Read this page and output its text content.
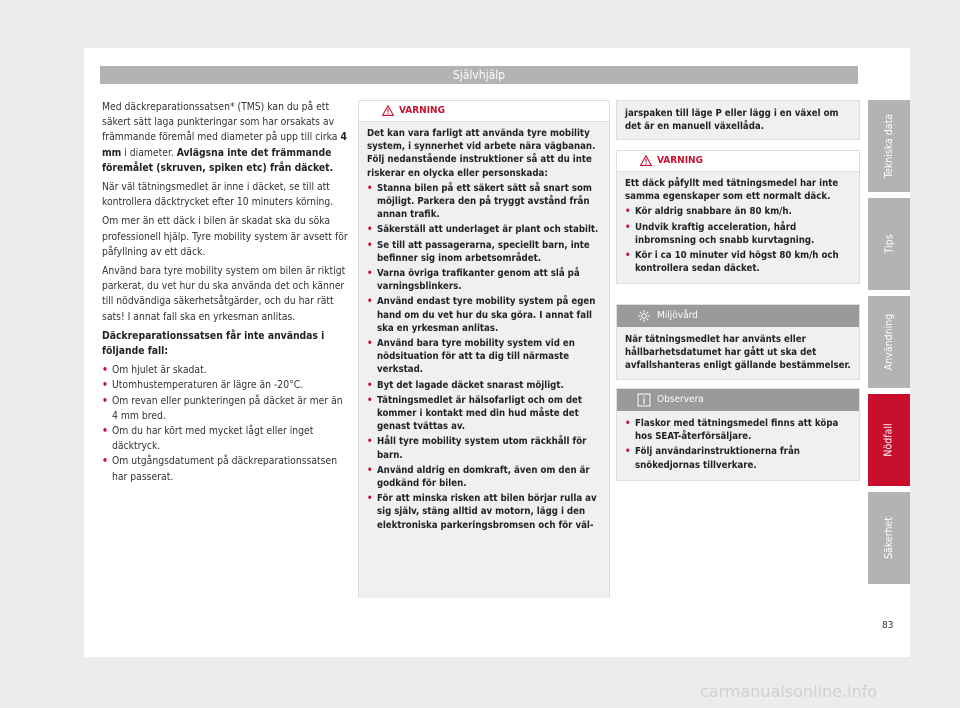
Självhjälp

Med däckreparationssatsen* (TMS) kan du på ett säkert sätt laga punkteringar som har orsakats av främmande föremål med diameter på upp till cirka 4 mm i diameter. Avlägsna inte det främmande föremålet (skruven, spiken etc) från däcket.

När väl tätningsmedlet är inne i däcket, se till att kontrollera däcktrycket efter 10 minuters körning.

Om mer än ett däck i bilen är skadat ska du söka professionell hjälp. Tyre mobility system är avsett för påfyllning av ett däck.

Använd bara tyre mobility system om bilen är riktigt parkerat, du vet hur du ska använda det och känner till nödvändiga säkerhetsåtgärder, och du har rätt sats! I annat fall ska en yrkesman anlitas.

Däckreparationssatsen får inte användas i följande fall:

• Om hjulet är skadat.
• Utomhustemperaturen är lägre än -20°C.
• Om revan eller punkteringen på däcket är mer än 4 mm bred.
• Om du har kört med mycket lågt eller inget däcktryck.
• Om utgångsdatument på däckreparationssatsen har passerat.
VARNING

Det kan vara farligt att använda tyre mobility system, i synnerhet vid arbete nära vägbanan. Följ nedanstående instruktioner så att du inte riskerar en olycka eller personskada:

• Stanna bilen på ett säkert sätt så snart som möjligt. Parkera den på tryggt avstånd från annan trafik.
• Säkerställ att underlaget är plant och stabilt.
• Se till att passagerarna, speciellt barn, inte befinner sig inom arbetsområdet.
• Varna övriga trafikanter genom att slå på varningsblinkers.
• Använd endast tyre mobility system på egen hand om du vet hur du ska göra. I annat fall ska en yrkesman anlitas.
• Använd bara tyre mobility system vid en nödsituation för att ta dig till närmaste verkstad.
• Byt det lagade däcket snarast möjligt.
• Tätningsmedlet är hälsofarligt och om det kommer i kontakt med din hud måste det genast tvättas av.
• Håll tyre mobility system utom räckhåll för barn.
• Använd aldrig en domkraft, även om den är godkänd för bilen.
• För att minska risken att bilen börjar rulla av sig själv, stäng alltid av motorn, lägg i den elektroniska parkeringsbromsen och för väl-
jarspaken till läge P eller lägg i en växel om det är en manuell växellåda.
VARNING

Ett däck påfyllt med tätningsmedel har inte samma egenskaper som ett normalt däck.

• Kör aldrig snabbare än 80 km/h.
• Undvik kraftig acceleration, hård inbromsning och snabb kurvtagning.
• Kör i ca 10 minuter vid högst 80 km/h och kontrollera sedan däcket.
Miljövård
När tätningsmedlet har använts eller hållbarhetsdatumet har gått ut ska det avfallshanteras enligt gällande bestämmelser.
Observera
• Flaskor med tätningsmedel finns att köpa hos SEAT-återförsäljare.
• Följ användarinstruktionerna från snökedjornas tillverkare.
Tekniska data
Tips
Användning
Nödfall
Säkerhet
83
carmanualsonline.info
